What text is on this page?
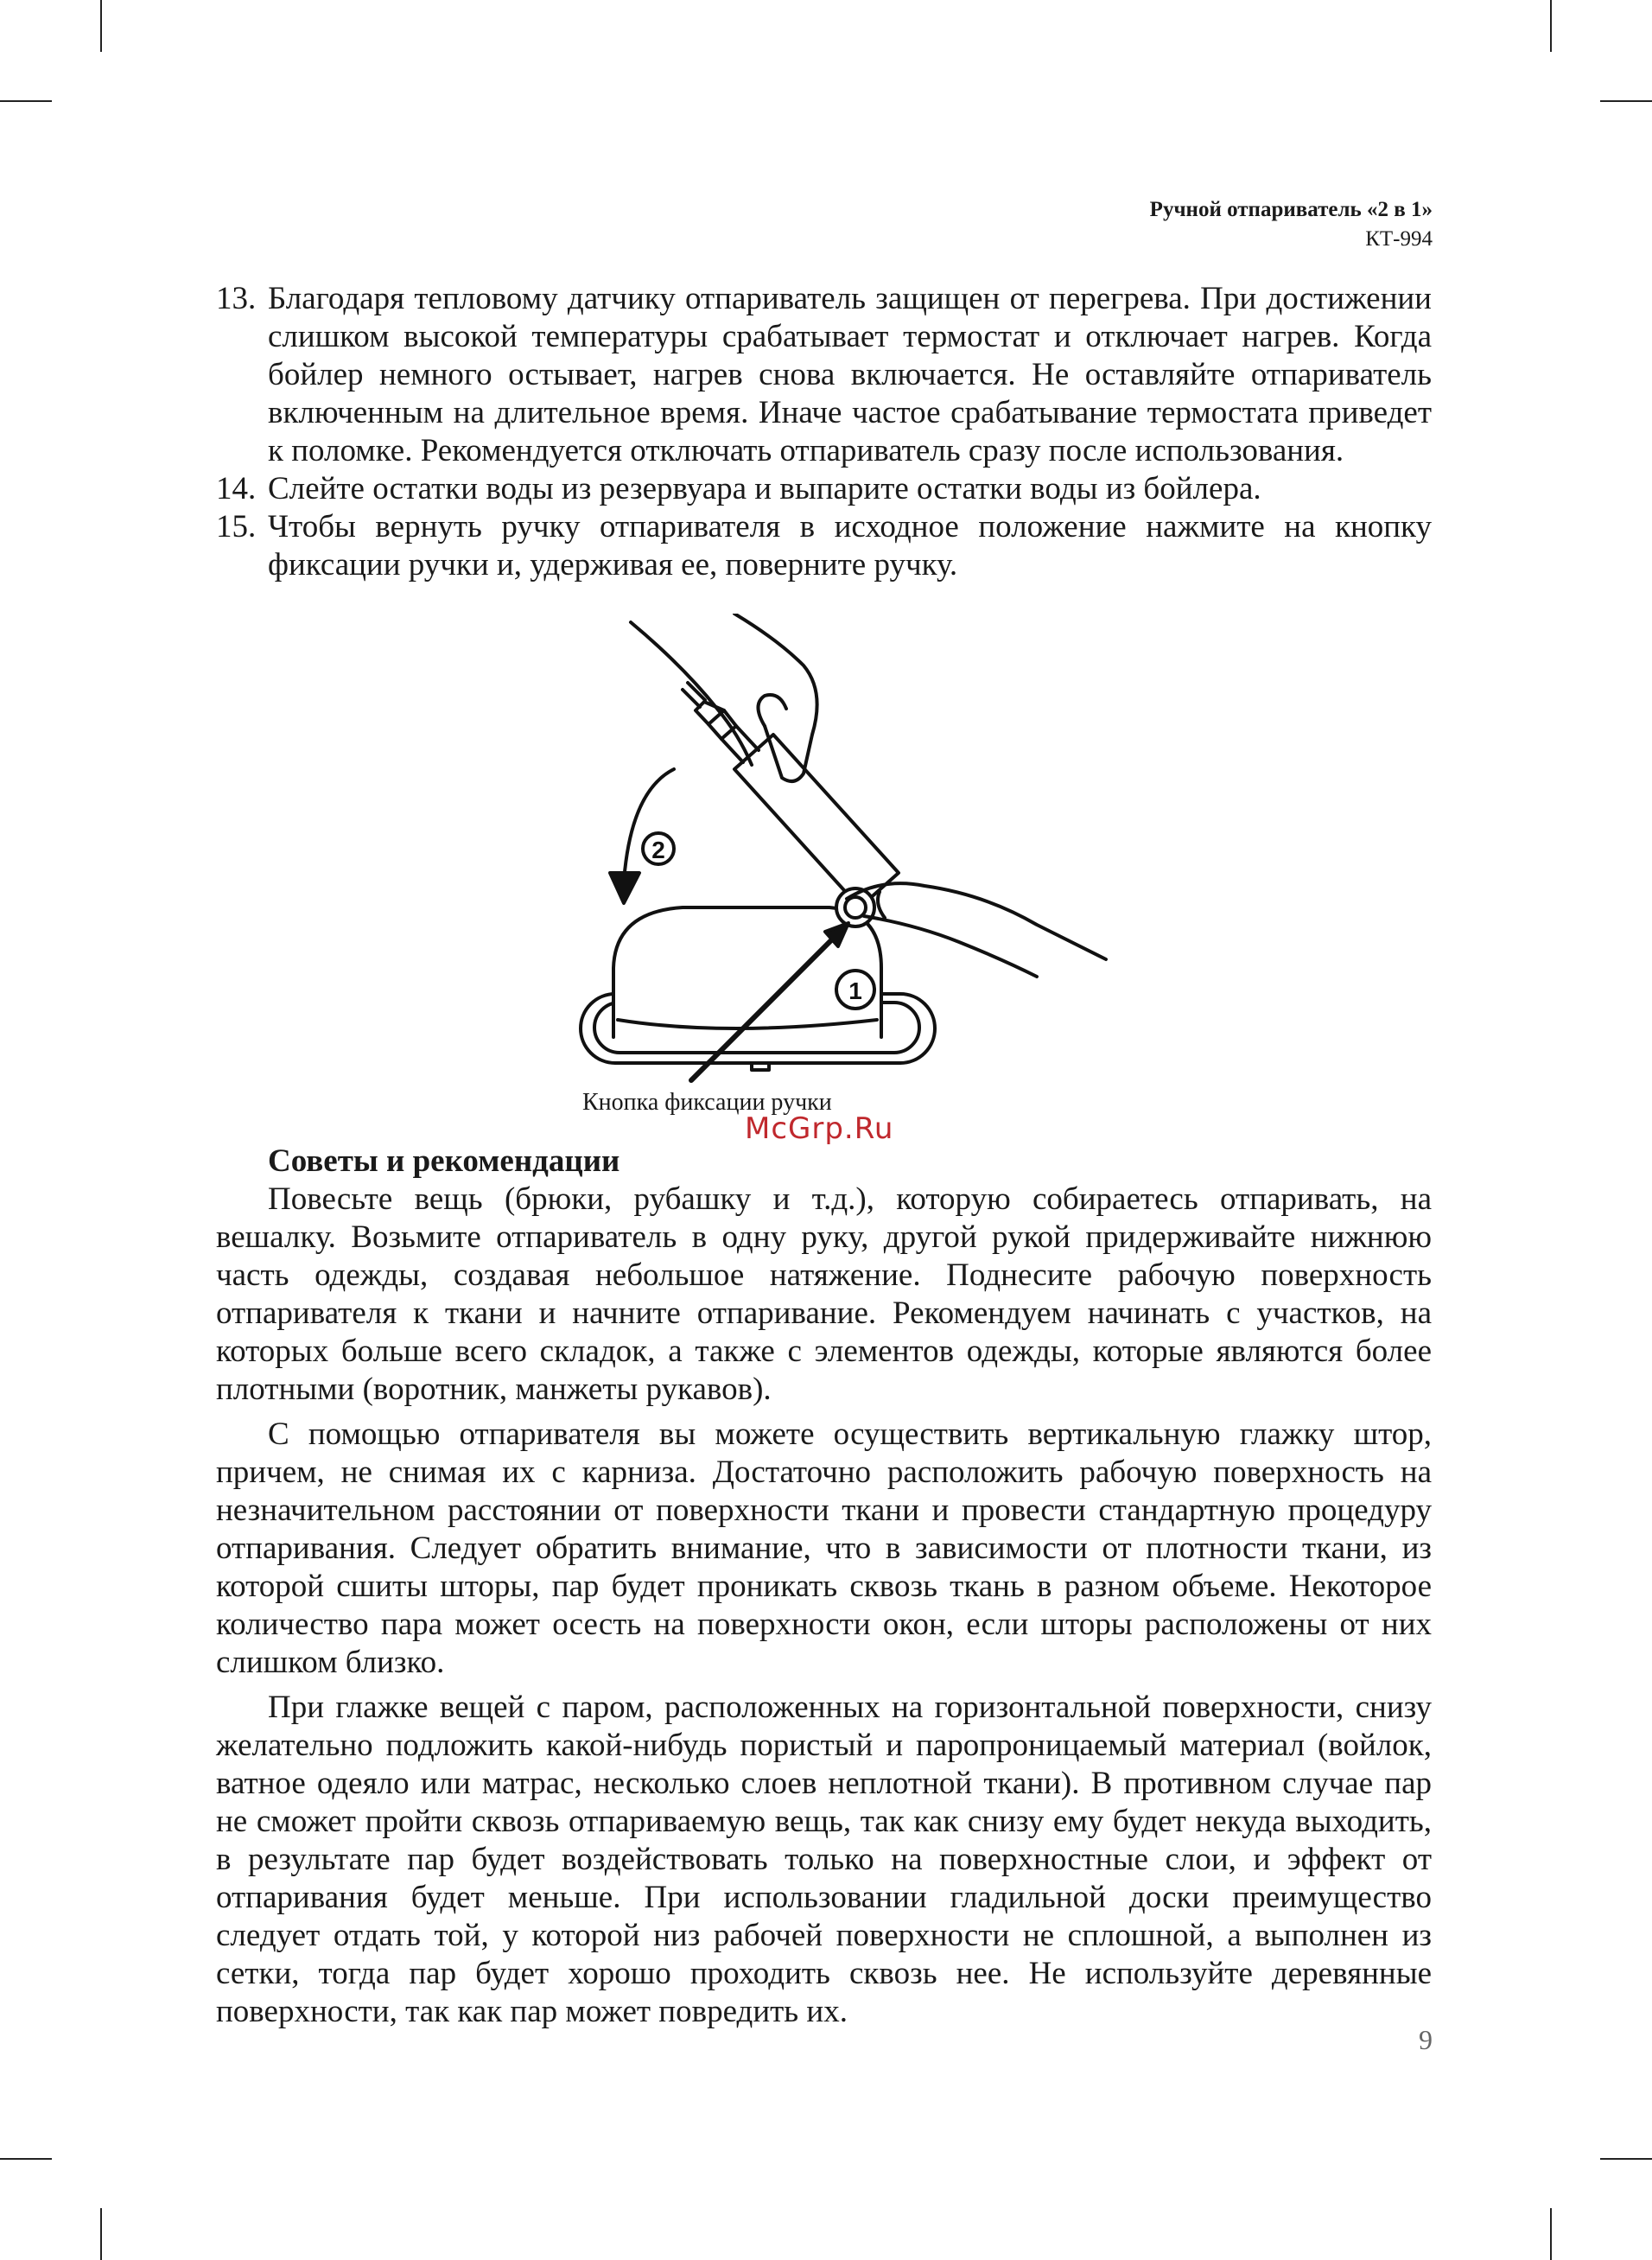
Ручной отпариватель «2 в 1»
КТ-994
13. Благодаря тепловому датчику отпариватель защищен от перегрева. При достижении слишком высокой температуры срабатывает термостат и отключает нагрев. Когда бойлер немного остывает, нагрев снова включается. Не оставляйте отпариватель включенным на длительное время. Иначе частое срабатывание термостата приведет к поломке. Рекомендуется отключать отпариватель сразу после использования.
14. Слейте остатки воды из резервуара и выпарите остатки воды из бойлера.
15. Чтобы вернуть ручку отпаривателя в исходное положение нажмите на кнопку фиксации ручки и, удерживая ее, поверните ручку.
2
1
Кнопка фиксации ручки
McGrp.Ru
Советы и рекомендации

Повесьте вещь (брюки, рубашку и т.д.), которую собираетесь отпаривать, на вешалку. Возьмите отпариватель в одну руку, другой рукой придерживайте нижнюю часть одежды, создавая небольшое натяжение. Поднесите рабочую поверхность отпаривателя к ткани и начните отпаривание. Рекомендуем начинать с участков, на которых больше всего складок, а также с элементов одежды, которые являются более плотными (воротник, манжеты рукавов).

С помощью отпаривателя вы можете осуществить вертикальную глажку штор, причем, не снимая их с карниза. Достаточно расположить рабочую поверхность на незначительном расстоянии от поверхности ткани и провести стандартную процедуру отпаривания. Следует обратить внимание, что в зависимости от плотности ткани, из которой сшиты шторы, пар будет проникать сквозь ткань в разном объеме. Некоторое количество пара может осесть на поверхности окон, если шторы расположены от них слишком близко.

При глажке вещей с паром, расположенных на горизонтальной поверхности, снизу желательно подложить какой-нибудь пористый и паропроницаемый материал (войлок, ватное одеяло или матрас, несколько слоев неплотной ткани). В противном случае пар не сможет пройти сквозь отпариваемую вещь, так как снизу ему будет некуда выходить, в результате пар будет воздействовать только на поверхностные слои, и эффект от отпаривания будет меньше. При использовании гладильной доски преимущество следует отдать той, у которой низ рабочей поверхности не сплошной, а выполнен из сетки, тогда пар будет хорошо проходить сквозь нее. Не используйте деревянные поверхности, так как пар может повредить их.

9
